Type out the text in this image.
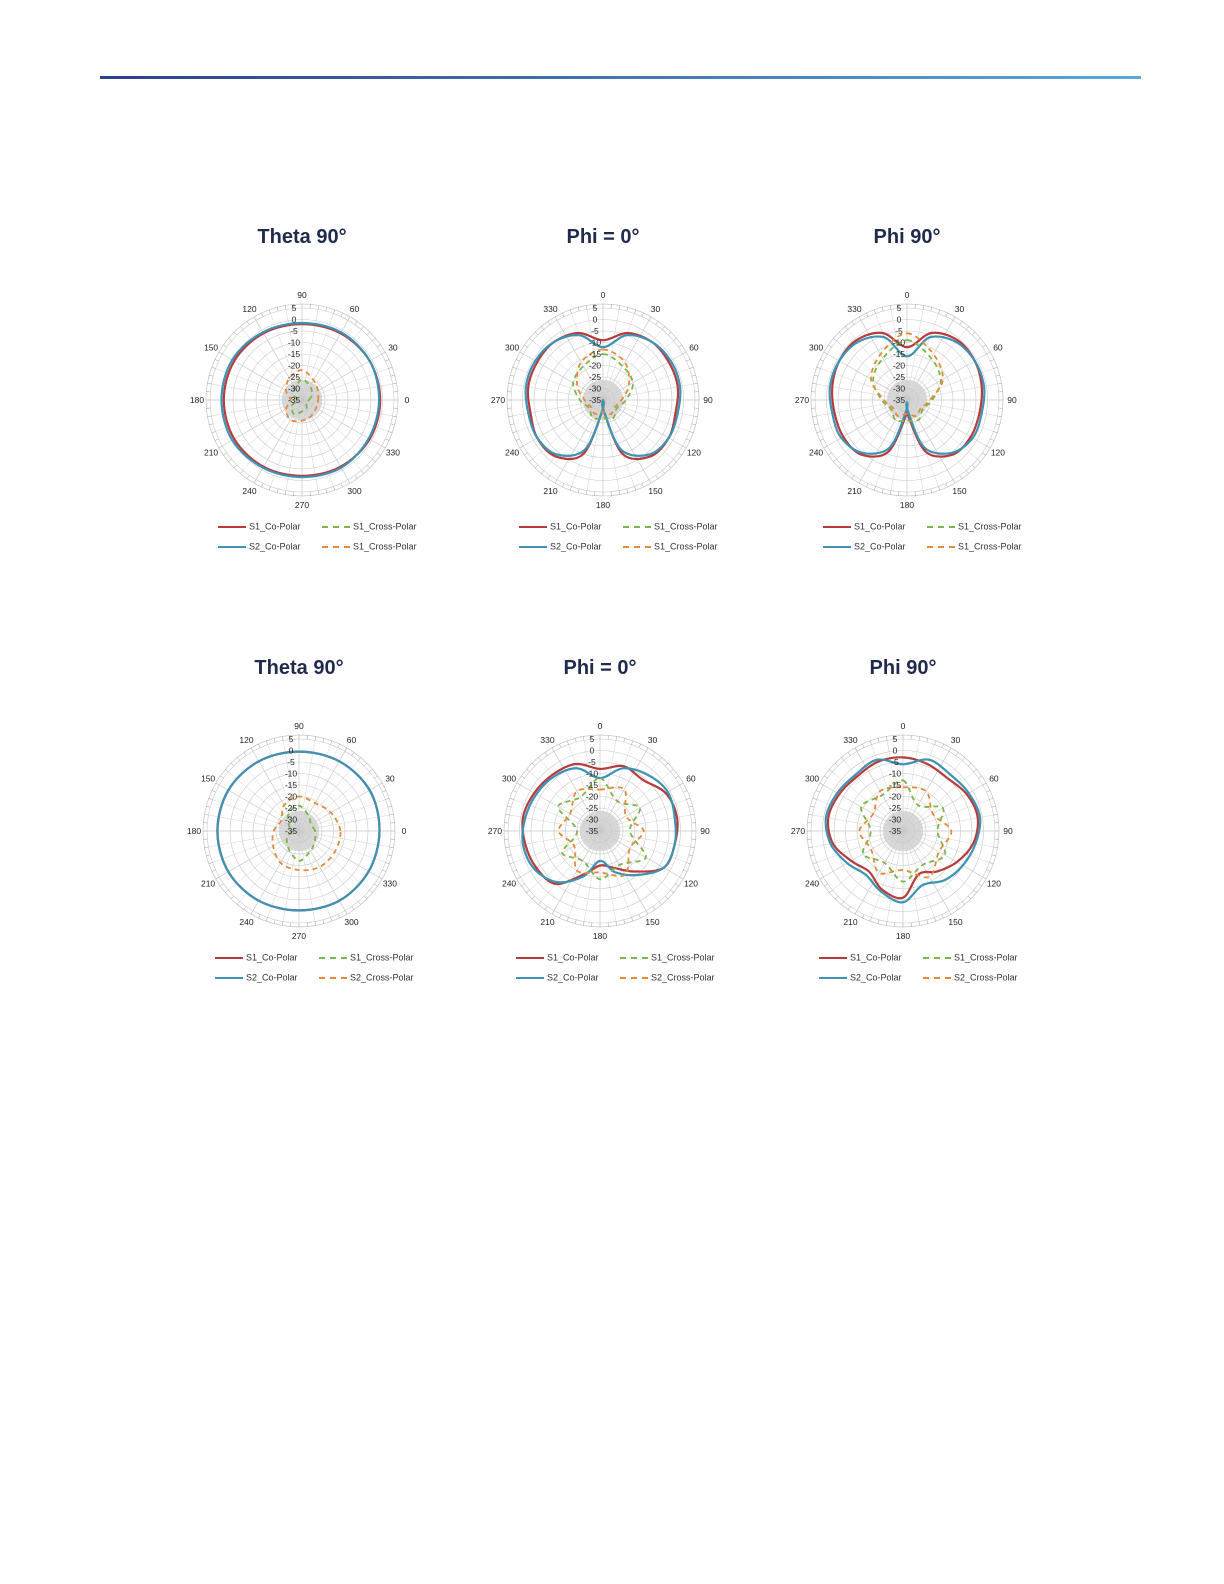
Theta 90°
5
0
-5
-10
-15
-20
-25
-30
-35	0
30
60
90
120
150
180
210
240
270
300
330
S1_Co-Polar	S1_Cross-Polar
S2_Co-Polar	S1_Cross-Polar
Phi = 0°
5
0
-5
-10
-15
-20
-25
-30
-35
0
30
60
90
120
150
180
210
240
270
300
330
S1_Co-Polar	S1_Cross-Polar
S2_Co-Polar	S1_Cross-Polar
Phi 90°
5
0
-5
-10
-15
-20
-25
-30
-35
0
30
60
90
120
150
180
210
240
270
300
330
S1_Co-Polar	S1_Cross-Polar
S2_Co-Polar	S1_Cross-Polar
Theta 90°
5
0
-5
-10
-15
-20
-25
-30
-35	0
30
60
90
120
150
180
210
240
270
300
330
S1_Co-Polar	S1_Cross-Polar
S2_Co-Polar	S2_Cross-Polar
Phi = 0°
5
0
-5
-10
-15
-20
-25
-30
-35
0
30
60
90
120
150
180
210
240
270
300
330
S1_Co-Polar	S1_Cross-Polar
S2_Co-Polar	S2_Cross-Polar
Phi 90°
5
0
-5
-10
-15
-20
-25
-30
-35
0
30
60
90
120
150
180
210
240
270
300
330
S1_Co-Polar	S1_Cross-Polar
S2_Co-Polar	S2_Cross-Polar
